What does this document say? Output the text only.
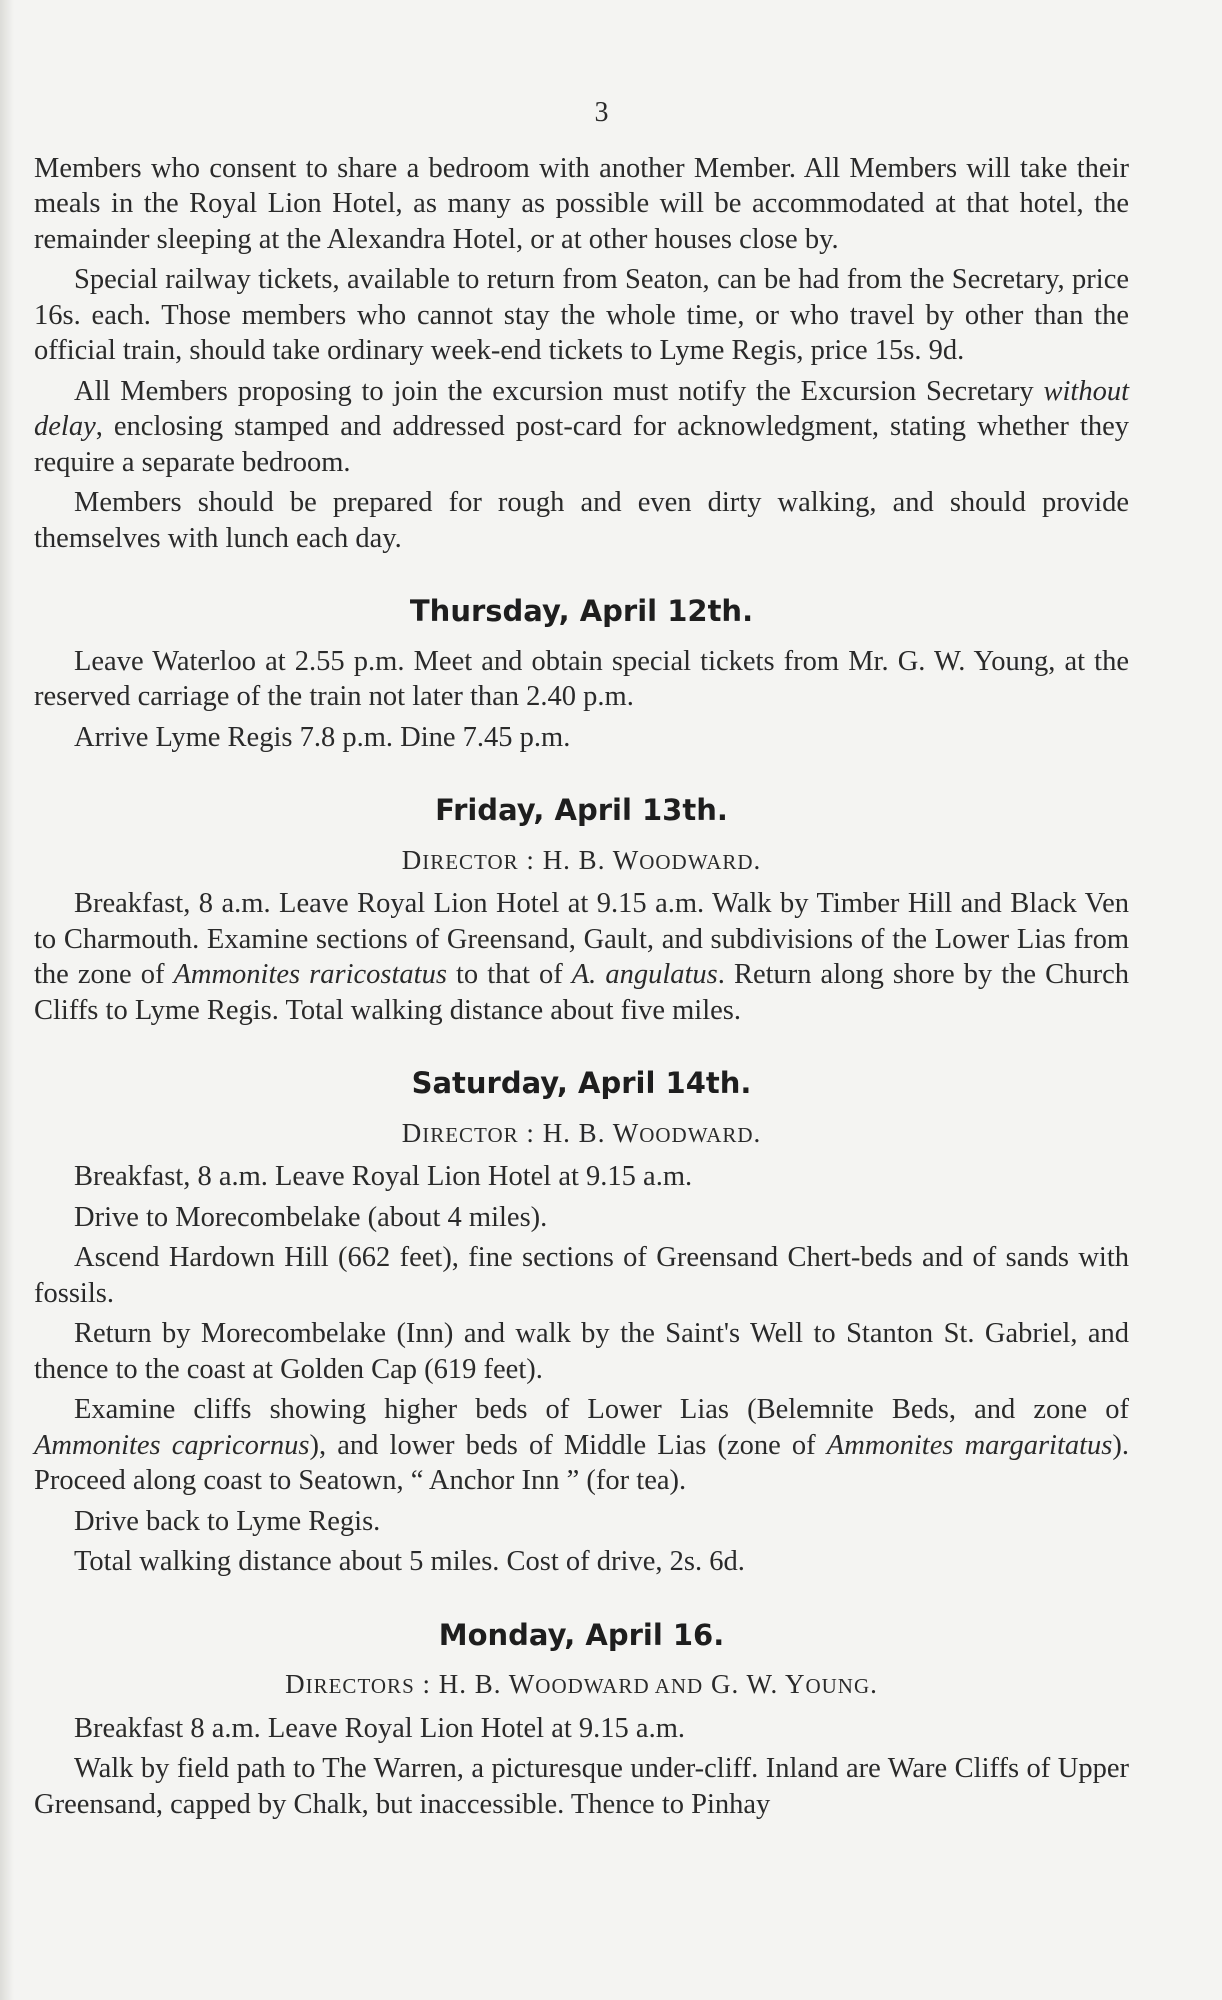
3

Members who consent to share a bedroom with another Member. All Members will take their meals in the Royal Lion Hotel, as many as possible will be accommodated at that hotel, the remainder sleeping at the Alexandra Hotel, or at other houses close by.

Special railway tickets, available to return from Seaton, can be had from the Secretary, price 16s. each. Those members who cannot stay the whole time, or who travel by other than the official train, should take ordinary week-end tickets to Lyme Regis, price 15s. 9d.

All Members proposing to join the excursion must notify the Excursion Secretary without delay, enclosing stamped and addressed post-card for acknowledgment, stating whether they require a separate bedroom.

Members should be prepared for rough and even dirty walking, and should provide themselves with lunch each day.

Thursday, April 12th.

Leave Waterloo at 2.55 p.m. Meet and obtain special tickets from Mr. G. W. Young, at the reserved carriage of the train not later than 2.40 p.m.

Arrive Lyme Regis 7.8 p.m. Dine 7.45 p.m.

Friday, April 13th.
DIRECTOR : H. B. WOODWARD.

Breakfast, 8 a.m. Leave Royal Lion Hotel at 9.15 a.m. Walk by Timber Hill and Black Ven to Charmouth. Examine sections of Greensand, Gault, and subdivisions of the Lower Lias from the zone of Ammonites raricostatus to that of A. angulatus. Return along shore by the Church Cliffs to Lyme Regis. Total walking distance about five miles.

Saturday, April 14th.
DIRECTOR : H. B. WOODWARD.

Breakfast, 8 a.m. Leave Royal Lion Hotel at 9.15 a.m.

Drive to Morecombelake (about 4 miles).

Ascend Hardown Hill (662 feet), fine sections of Greensand Chert-beds and of sands with fossils.

Return by Morecombelake (Inn) and walk by the Saint's Well to Stanton St. Gabriel, and thence to the coast at Golden Cap (619 feet).

Examine cliffs showing higher beds of Lower Lias (Belemnite Beds, and zone of Ammonites capricornus), and lower beds of Middle Lias (zone of Ammonites margaritatus). Proceed along coast to Seatown, “ Anchor Inn ” (for tea).

Drive back to Lyme Regis.

Total walking distance about 5 miles. Cost of drive, 2s. 6d.

Monday, April 16.
DIRECTORS : H. B. WOODWARD AND G. W. YOUNG.

Breakfast 8 a.m. Leave Royal Lion Hotel at 9.15 a.m.

Walk by field path to The Warren, a picturesque under-cliff. Inland are Ware Cliffs of Upper Greensand, capped by Chalk, but inaccessible. Thence to Pinhay
